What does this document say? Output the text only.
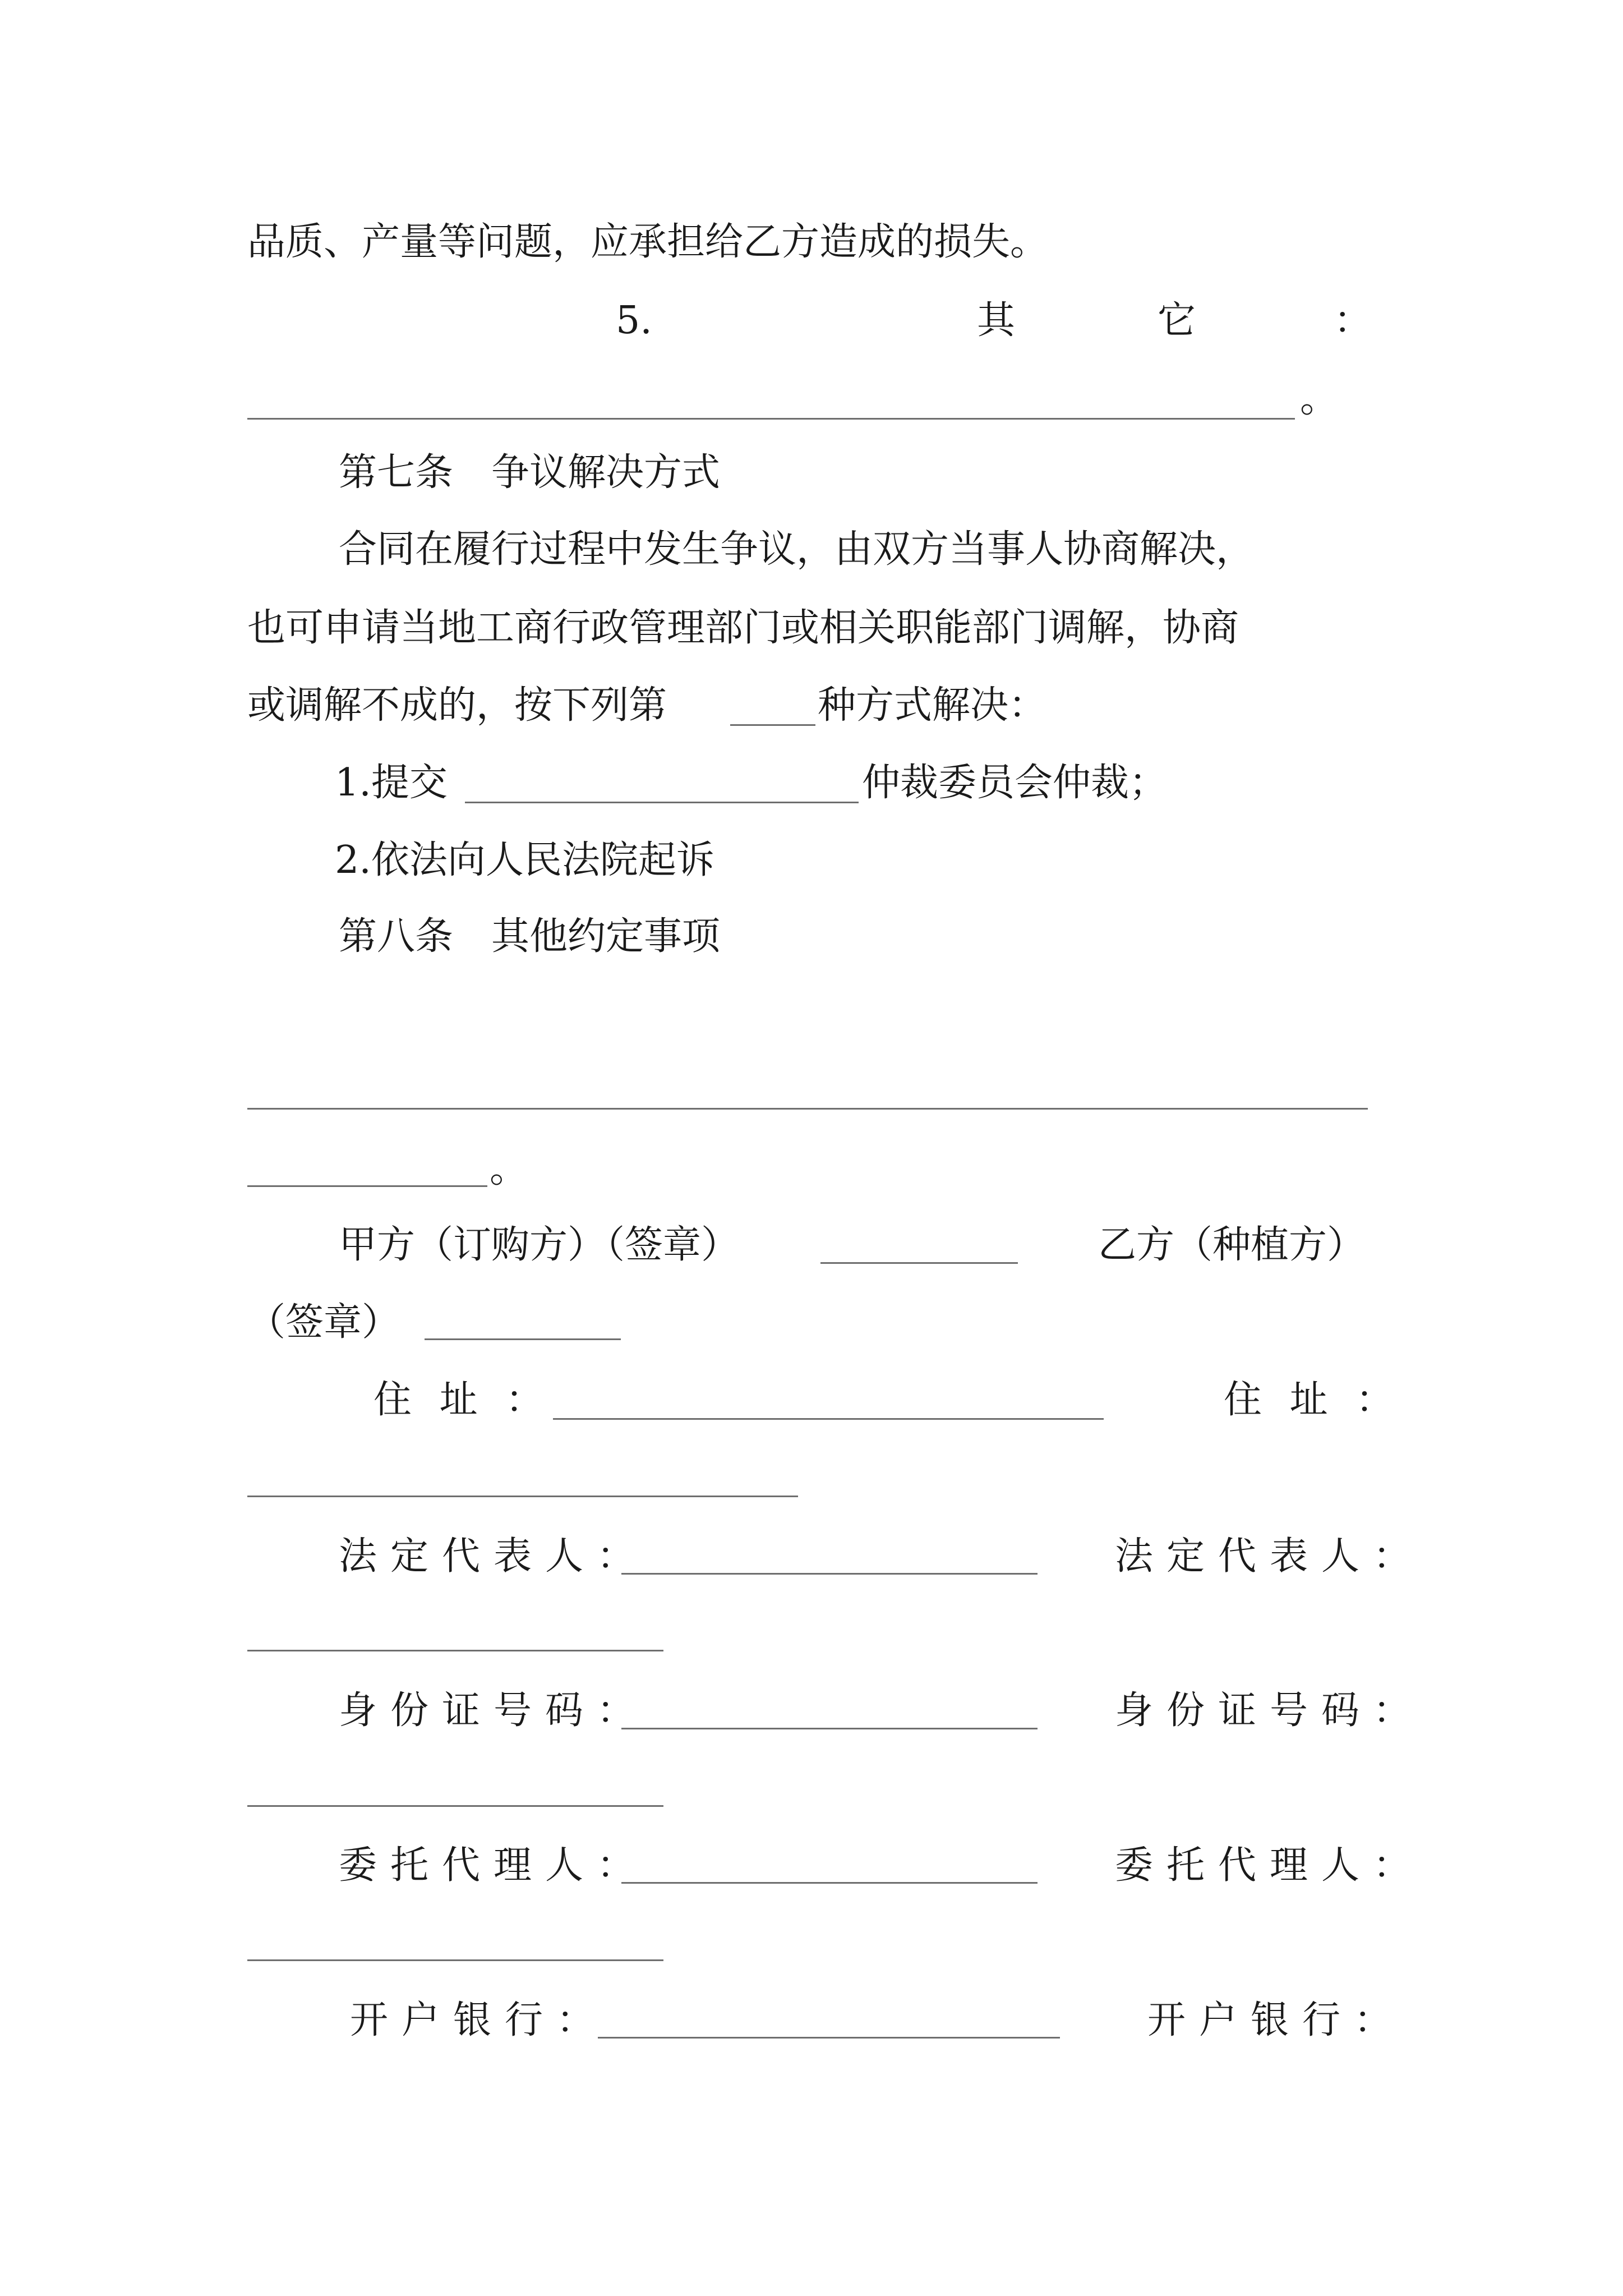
品质、产量等问题，应承担给乙方造成的损失。
5.	其	它	：
。
第七条　争议解决方式
合同在履行过程中发生争议，由双方当事人协商解决，
也可申请当地工商行政管理部门或相关职能部门调解，协商
或调解不成的，按下列第	种方式解决：
1.提交	仲裁委员会仲裁；
2.依法向人民法院起诉
第八条　其他约定事项
。
甲方（订购方）（签章）	乙方（种植方）
（签章）
住 址 ：	住 址 ：
法定代表人：	法定代表人：
身份证号码：	身份证号码：
委托代理人：	委托代理人：
开户银行：	开户银行：
